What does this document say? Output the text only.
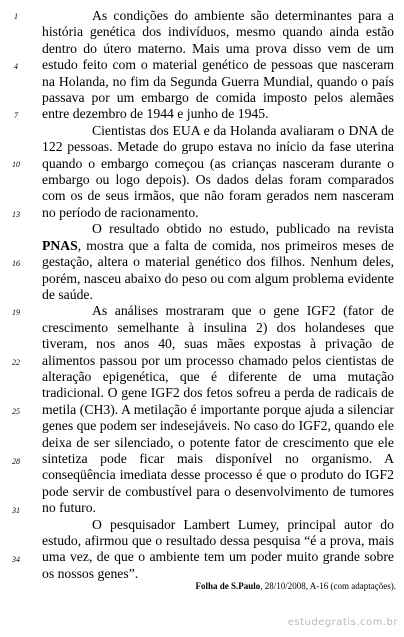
1
4
7
10
13
16
19
22
25
28
31
34

As condições do ambiente são determinantes para a história genética dos indivíduos, mesmo quando ainda estão dentro do útero materno. Mais uma prova disso vem de um estudo feito com o material genético de pessoas que nasceram na Holanda, no fim da Segunda Guerra Mundial, quando o país passava por um embargo de comida imposto pelos alemães entre dezembro de 1944 e junho de 1945.

Cientistas dos EUA e da Holanda avaliaram o DNA de 122 pessoas. Metade do grupo estava no início da fase uterina quando o embargo começou (as crianças nasceram durante o embargo ou logo depois). Os dados delas foram comparados com os de seus irmãos, que não foram gerados nem nasceram no período de racionamento.

O resultado obtido no estudo, publicado na revista PNAS, mostra que a falta de comida, nos primeiros meses de gestação, altera o material genético dos filhos. Nenhum deles, porém, nasceu abaixo do peso ou com algum problema evidente de saúde.

As análises mostraram que o gene IGF2 (fator de crescimento semelhante à insulina 2) dos holandeses que tiveram, nos anos 40, suas mães expostas à privação de alimentos passou por um processo chamado pelos cientistas de alteração epigenética, que é diferente de uma mutação tradicional. O gene IGF2 dos fetos sofreu a perda de radicais de metila (CH3). A metilação é importante porque ajuda a silenciar genes que podem ser indesejáveis. No caso do IGF2, quando ele deixa de ser silenciado, o potente fator de crescimento que ele sintetiza pode ficar mais disponível no organismo. A conseqüência imediata desse processo é que o produto do IGF2 pode servir de combustível para o desenvolvimento de tumores no futuro.

O pesquisador Lambert Lumey, principal autor do estudo, afirmou que o resultado dessa pesquisa “é a prova, mais uma vez, de que o ambiente tem um poder muito grande sobre os nossos genes”.

Folha de S.Paulo, 28/10/2008, A-16 (com adaptações).
estudegratis.com.br
